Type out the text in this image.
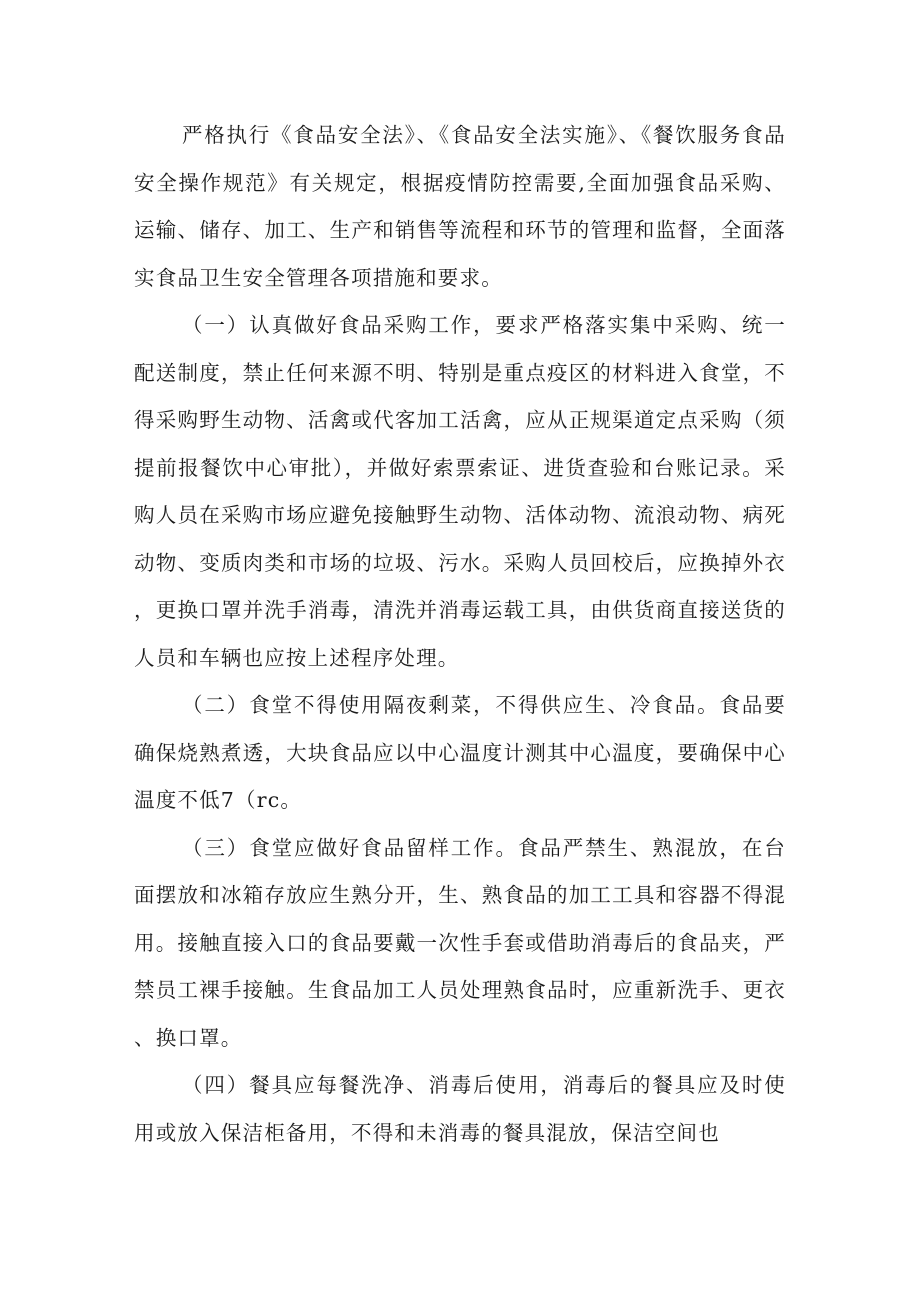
严格执行《食品安全法》、《食品安全法实施》、《餐饮服务食品安全操作规范》有关规定，根据疫情防控需要,全面加强食品采购、运输、储存、加工、生产和销售等流程和环节的管理和监督，全面落实食品卫生安全管理各项措施和要求。

（一）认真做好食品采购工作，要求严格落实集中采购、统一配送制度，禁止任何来源不明、特别是重点疫区的材料进入食堂，不得采购野生动物、活禽或代客加工活禽，应从正规渠道定点采购（须提前报餐饮中心审批），并做好索票索证、进货查验和台账记录。采购人员在采购市场应避免接触野生动物、活体动物、流浪动物、病死动物、变质肉类和市场的垃圾、污水。采购人员回校后，应换掉外衣，更换口罩并洗手消毒，清洗并消毒运载工具，由供货商直接送货的人员和车辆也应按上述程序处理。

（二）食堂不得使用隔夜剩菜，不得供应生、冷食品。食品要确保烧熟煮透，大块食品应以中心温度计测其中心温度，要确保中心温度不低7（rc。

（三）食堂应做好食品留样工作。食品严禁生、熟混放，在台面摆放和冰箱存放应生熟分开，生、熟食品的加工工具和容器不得混用。接触直接入口的食品要戴一次性手套或借助消毒后的食品夹，严禁员工裸手接触。生食品加工人员处理熟食品时，应重新洗手、更衣、换口罩。

（四）餐具应每餐洗净、消毒后使用，消毒后的餐具应及时使用或放入保洁柜备用，不得和未消毒的餐具混放，保洁空间也
